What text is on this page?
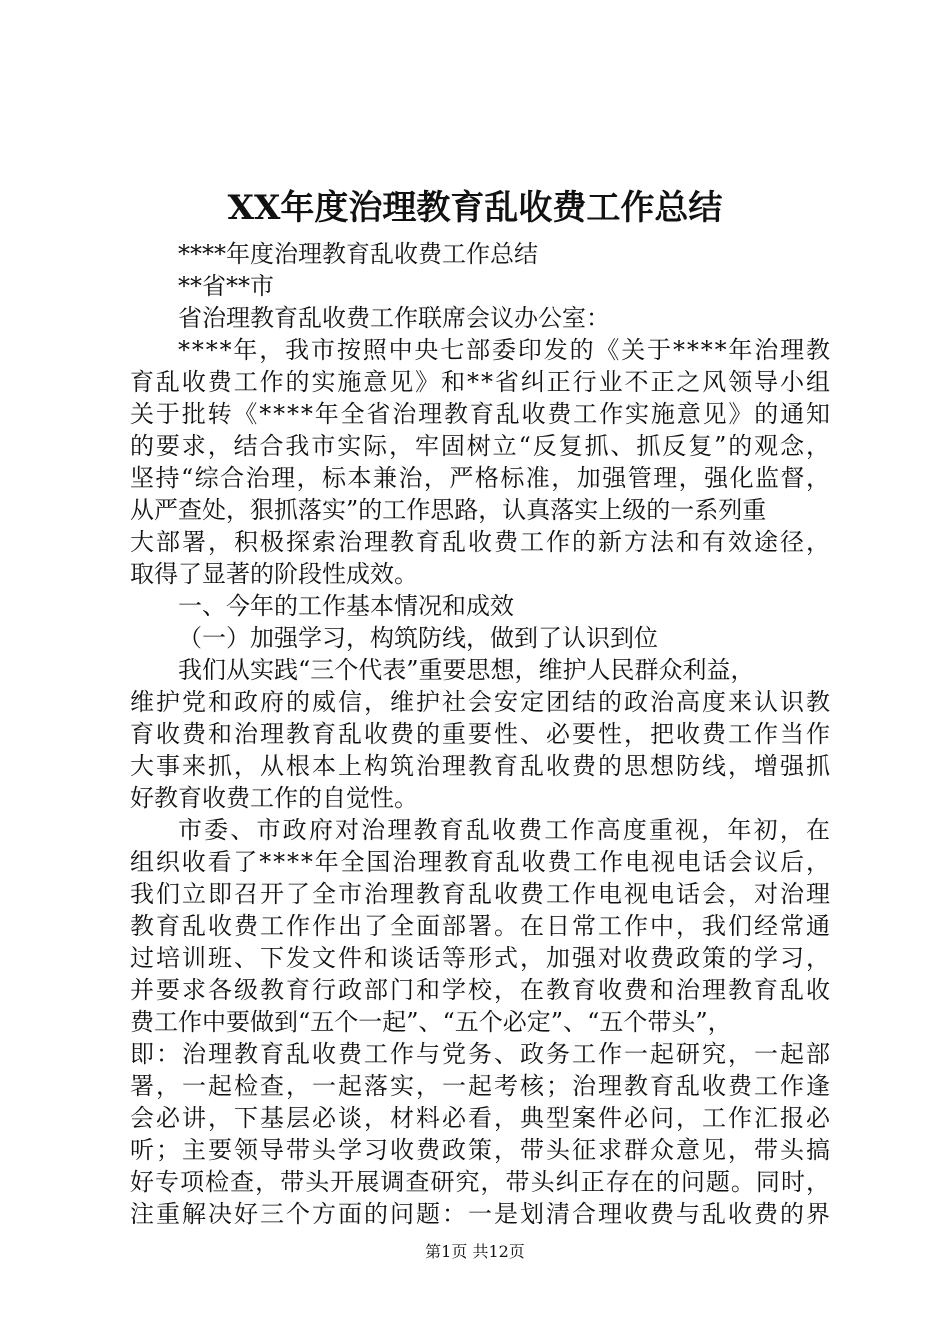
XX年度治理教育乱收费工作总结
****年度治理教育乱收费工作总结
**省**市
省治理教育乱收费工作联席会议办公室：
****年，我市按照中央七部委印发的《关于****年治理教
育乱收费工作的实施意见》和**省纠正行业不正之风领导小组
关于批转《****年全省治理教育乱收费工作实施意见》的通知
的要求，结合我市实际，牢固树立“反复抓、抓反复”的观念，
坚持“综合治理，标本兼治，严格标准，加强管理，强化监督，
从严查处，狠抓落实”的工作思路，认真落实上级的一系列重
大部署，积极探索治理教育乱收费工作的新方法和有效途径，
取得了显著的阶段性成效。
一、今年的工作基本情况和成效
（一）加强学习，构筑防线，做到了认识到位
我们从实践“三个代表”重要思想，维护人民群众利益，
维护党和政府的威信，维护社会安定团结的政治高度来认识教
育收费和治理教育乱收费的重要性、必要性，把收费工作当作
大事来抓，从根本上构筑治理教育乱收费的思想防线，增强抓
好教育收费工作的自觉性。
市委、市政府对治理教育乱收费工作高度重视，年初，在
组织收看了****年全国治理教育乱收费工作电视电话会议后，
我们立即召开了全市治理教育乱收费工作电视电话会，对治理
教育乱收费工作作出了全面部署。在日常工作中，我们经常通
过培训班、下发文件和谈话等形式，加强对收费政策的学习，
并要求各级教育行政部门和学校，在教育收费和治理教育乱收
费工作中要做到“五个一起”、“五个必定”、“五个带头”，
即：治理教育乱收费工作与党务、政务工作一起研究，一起部
署，一起检查，一起落实，一起考核；治理教育乱收费工作逢
会必讲，下基层必谈，材料必看，典型案件必问，工作汇报必
听；主要领导带头学习收费政策，带头征求群众意见，带头搞
好专项检查，带头开展调查研究，带头纠正存在的问题。同时，
注重解决好三个方面的问题：一是划清合理收费与乱收费的界
第1页 共12页
